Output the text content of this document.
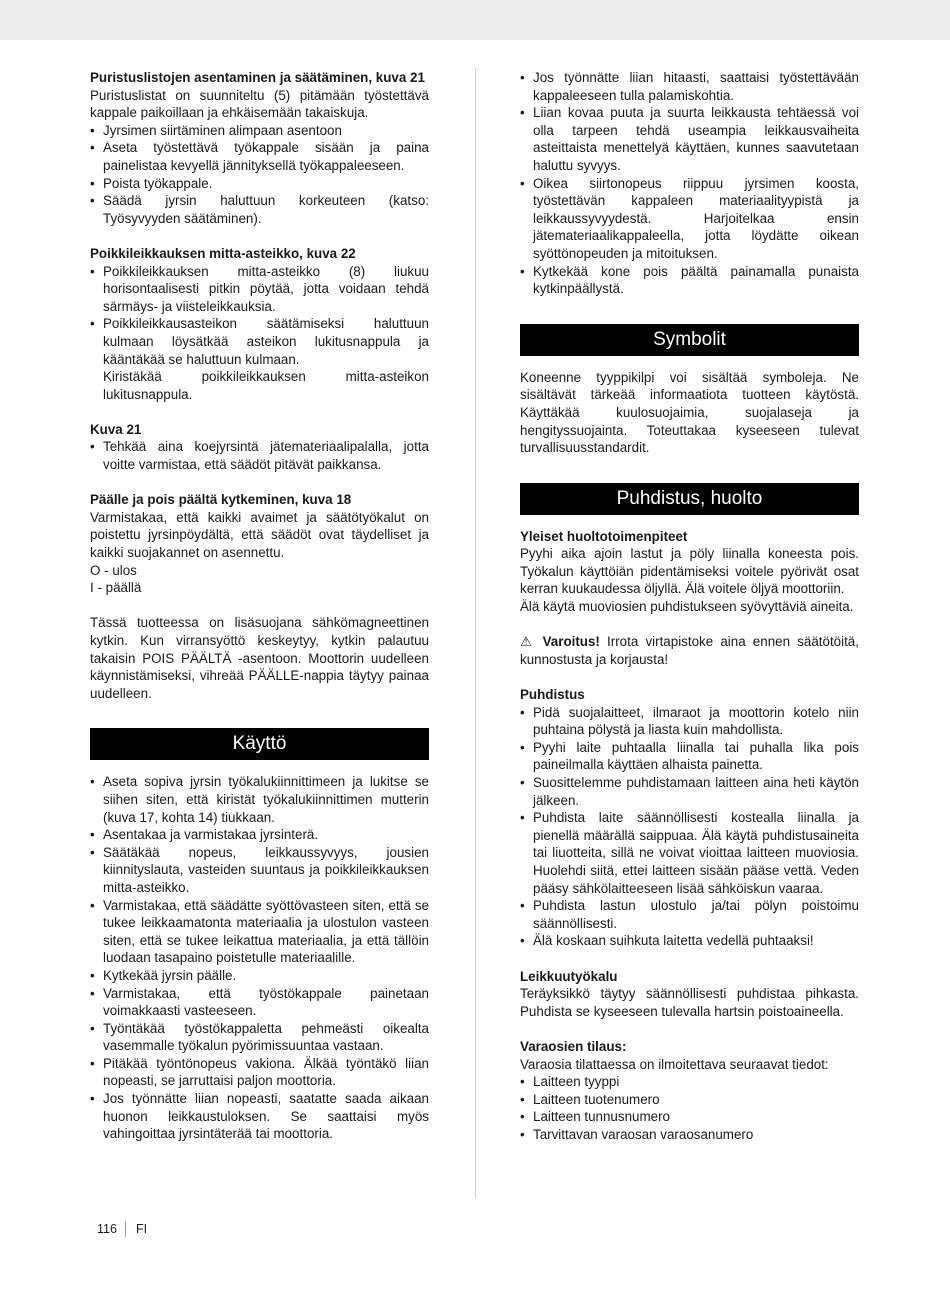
Puristuslistojen asentaminen ja säätäminen, kuva 21

Puristuslistat on suunniteltu (5) pitämään työstettävä kappale paikoillaan ja ehkäisemään takaiskuja.

• Jyrsimen siirtäminen alimpaan asentoon
• Aseta työstettävä työkappale sisään ja paina painelistaa kevyellä jännityksellä työkappaleeseen.
• Poista työkappale.
• Säädä jyrsin haluttuun korkeuteen (katso: Työsyvyyden säätäminen).

Poikkileikkauksen mitta-asteikko, kuva 22

• Poikkileikkauksen mitta-asteikko (8) liukuu horisontaalisesti pitkin pöytää, jotta voidaan tehdä särmäys- ja viisteleikkauksia.
• Poikkileikkausasteikon säätämiseksi haluttuun kulmaan löysätkää asteikon lukitusnappula ja kääntäkää se haluttuun kulmaan.

Kiristäkää poikkileikkauksen mitta-asteikon lukitusnappula.

Kuva 21

• Tehkää aina koejyrsintä jätemateriaalipalalla, jotta voitte varmistaa, että säädöt pitävät paikkansa.

Päälle ja pois päältä kytkeminen, kuva 18

Varmistakaa, että kaikki avaimet ja säätötyökalut on poistettu jyrsinpöydältä, että säädöt ovat täydelliset ja kaikki suojakannet on asennettu.

O - ulos

I - päällä

Tässä tuotteessa on lisäsuojana sähkömagneettinen kytkin. Kun virransyöttö keskeytyy, kytkin palautuu takaisin POIS PÄÄLTÄ -asentoon. Moottorin uudelleen käynnistämiseksi, vihreää PÄÄLLE-nappia täytyy painaa uudelleen.

Käyttö
• Aseta sopiva jyrsin työkalukiinnittimeen ja lukitse se siihen siten, että kiristät työkalukiinnittimen mutterin (kuva 17, kohta 14) tiukkaan.
• Asentakaa ja varmistakaa jyrsinterä.
• Säätäkää nopeus, leikkaussyvyys, jousien kiinnityslauta, vasteiden suuntaus ja poikkileikkauksen mitta-asteikko.
• Varmistakaa, että säädätte syöttövasteen siten, että se tukee leikkaamatonta materiaalia ja ulostulon vasteen siten, että se tukee leikattua materiaalia, ja että tällöin luodaan tasapaino poistetulle materiaalille.
• Kytkekää jyrsin päälle.
• Varmistakaa, että työstökappale painetaan voimakkaasti vasteeseen.
• Työntäkää työstökappaletta pehmeästi oikealta vasemmalle työkalun pyörimissuuntaa vastaan.
• Pitäkää työntönopeus vakiona. Älkää työntäkö liian nopeasti, se jarruttaisi paljon moottoria.
• Jos työnnätte liian nopeasti, saatatte saada aikaan huonon leikkaustuloksen. Se saattaisi myös vahingoittaa jyrsintäterää tai moottoria.
• Jos työnnätte liian hitaasti, saattaisi työstettävään kappaleeseen tulla palamiskohtia.
• Liian kovaa puuta ja suurta leikkausta tehtäessä voi olla tarpeen tehdä useampia leikkausvaiheita asteittaista menettelyä käyttäen, kunnes saavutetaan haluttu syvyys.
• Oikea siirtonopeus riippuu jyrsimen koosta, työstettävän kappaleen materiaalityypistä ja leikkaussyvyydestä. Harjoitelkaa ensin jätemateriaalikappaleella, jotta löydätte oikean syöttönopeuden ja mitoituksen.
• Kytkekää kone pois päältä painamalla punaista kytkinpäällystä.
Symbolit

Koneenne tyyppikilpi voi sisältää symboleja. Ne sisältävät tärkeää informaatiota tuotteen käytöstä. Käyttäkää kuulosuojaimia, suojalaseja ja hengityssuojainta. Toteuttakaa kyseeseen tulevat turvallisuusstandardit.

Puhdistus, huolto

Yleiset huoltotoimenpiteet

Pyyhi aika ajoin lastut ja pöly liinalla koneesta pois. Työkalun käyttöiän pidentämiseksi voitele pyörivät osat kerran kuukaudessa öljyllä. Älä voitele öljyä moottoriin.

Älä käytä muoviosien puhdistukseen syövyttäviä aineita.

⚠ Varoitus! Irrota virtapistoke aina ennen säätötöitä, kunnostusta ja korjausta!

Puhdistus

• Pidä suojalaitteet, ilmaraot ja moottorin kotelo niin puhtaina pölystä ja liasta kuin mahdollista.
• Pyyhi laite puhtaalla liinalla tai puhalla lika pois paineilmalla käyttäen alhaista painetta.
• Suosittelemme puhdistamaan laitteen aina heti käytön jälkeen.
• Puhdista laite säännöllisesti kostealla liinalla ja pienellä määrällä saippuaa. Älä käytä puhdistusaineita tai liuotteita, sillä ne voivat vioittaa laitteen muoviosia. Huolehdi siitä, ettei laitteen sisään pääse vettä. Veden pääsy sähkölaitteeseen lisää sähköiskun vaaraa.
• Puhdista lastun ulostulo ja/tai pölyn poistoimu säännöllisesti.
• Älä koskaan suihkuta laitetta vedellä puhtaaksi!

Leikkuutyökalu

Teräyksikkö täytyy säännöllisesti puhdistaa pihkasta. Puhdista se kyseeseen tulevalla hartsin poistoaineella.

Varaosien tilaus:

Varaosia tilattaessa on ilmoitettava seuraavat tiedot:

• Laitteen tyyppi
• Laitteen tuotenumero
• Laitteen tunnusnumero
• Tarvittavan varaosan varaosanumero
116 FI
